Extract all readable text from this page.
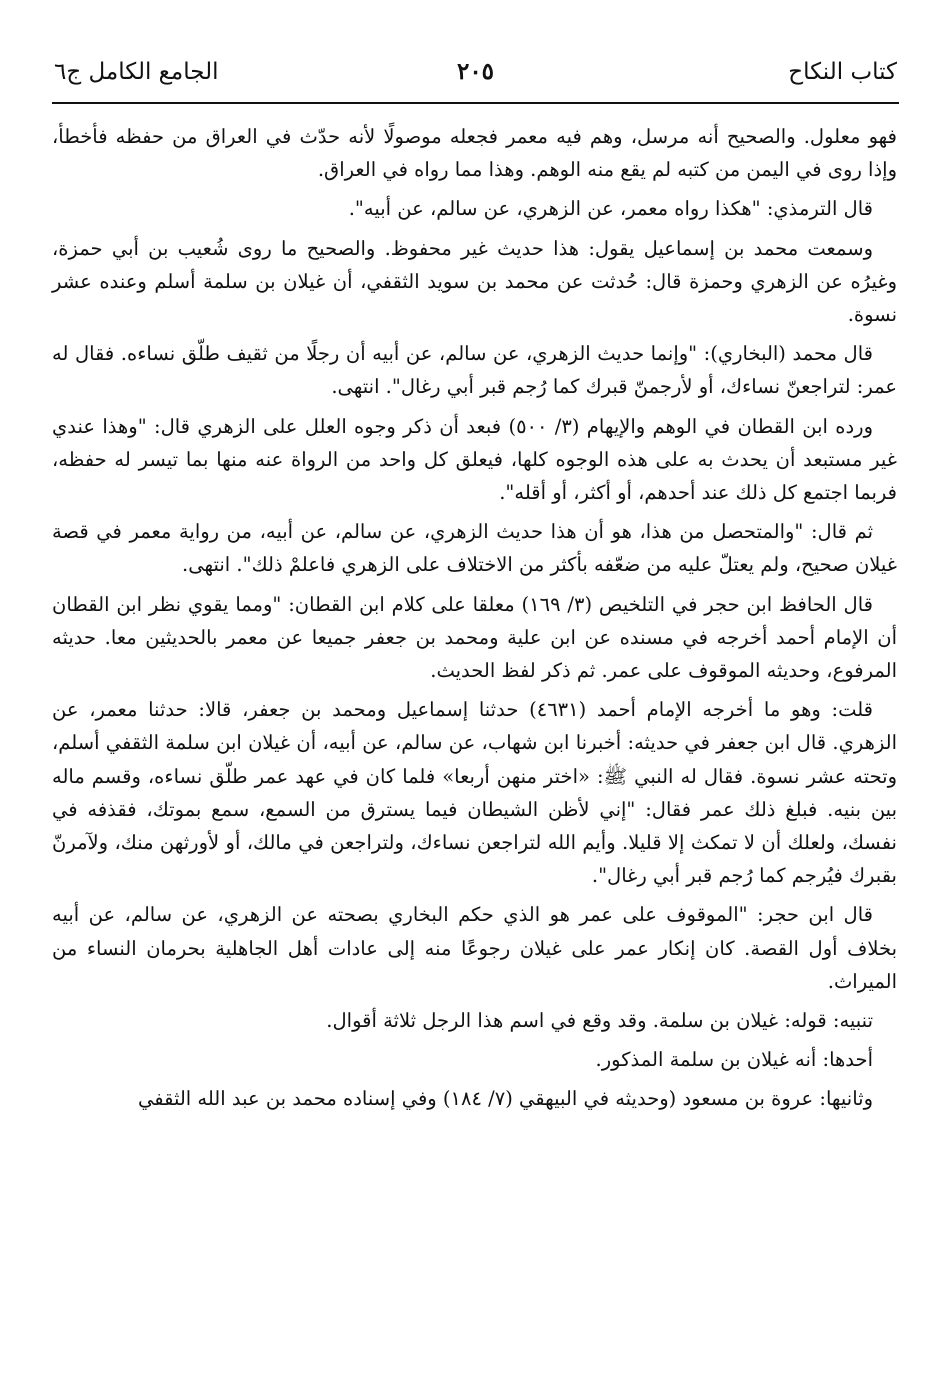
كتاب النكاح
٢٠٥
الجامع الكامل ج٦

فهو معلول. والصحيح أنه مرسل، وهم فيه معمر فجعله موصولًا لأنه حدّث في العراق من حفظه فأخطأ، وإذا روى في اليمن من كتبه لم يقع منه الوهم. وهذا مما رواه في العراق.

قال الترمذي: "هكذا رواه معمر، عن الزهري، عن سالم، عن أبيه".

وسمعت محمد بن إسماعيل يقول: هذا حديث غير محفوظ. والصحيح ما روى شُعيب بن أبي حمزة، وغيرُه عن الزهري وحمزة قال: حُدثت عن محمد بن سويد الثقفي، أن غيلان بن سلمة أسلم وعنده عشر نسوة.

قال محمد (البخاري): "وإنما حديث الزهري، عن سالم، عن أبيه أن رجلًا من ثقيف طلّق نساءه. فقال له عمر: لتراجعنّ نساءك، أو لأرجمنّ قبرك كما رُجم قبر أبي رغال". انتهى.

ورده ابن القطان في الوهم والإيهام (٣/ ٥٠٠) فبعد أن ذكر وجوه العلل على الزهري قال: "وهذا عندي غير مستبعد أن يحدث به على هذه الوجوه كلها، فيعلق كل واحد من الرواة عنه منها بما تيسر له حفظه، فربما اجتمع كل ذلك عند أحدهم، أو أكثر، أو أقله".

ثم قال: "والمتحصل من هذا، هو أن هذا حديث الزهري، عن سالم، عن أبيه، من رواية معمر في قصة غيلان صحيح، ولم يعتلّ عليه من ضعّفه بأكثر من الاختلاف على الزهري فاعلمْ ذلك". انتهى.

قال الحافظ ابن حجر في التلخيص (٣/ ١٦٩) معلقا على كلام ابن القطان: "ومما يقوي نظر ابن القطان أن الإمام أحمد أخرجه في مسنده عن ابن علية ومحمد بن جعفر جميعا عن معمر بالحديثين معا. حديثه المرفوع، وحديثه الموقوف على عمر. ثم ذكر لفظ الحديث.

قلت: وهو ما أخرجه الإمام أحمد (٤٦٣١) حدثنا إسماعيل ومحمد بن جعفر، قالا: حدثنا معمر، عن الزهري. قال ابن جعفر في حديثه: أخبرنا ابن شهاب، عن سالم، عن أبيه، أن غيلان ابن سلمة الثقفي أسلم، وتحته عشر نسوة. فقال له النبي ﷺ: «اختر منهن أربعا» فلما كان في عهد عمر طلّق نساءه، وقسم ماله بين بنيه. فبلغ ذلك عمر فقال: "إني لأظن الشيطان فيما يسترق من السمع، سمع بموتك، فقذفه في نفسك، ولعلك أن لا تمكث إلا قليلا. وأيم الله لتراجعن نساءك، ولتراجعن في مالك، أو لأورثهن منك، ولآمرنّ بقبرك فيُرجم كما رُجم قبر أبي رغال".

قال ابن حجر: "الموقوف على عمر هو الذي حكم البخاري بصحته عن الزهري، عن سالم، عن أبيه بخلاف أول القصة. كان إنكار عمر على غيلان رجوعًا منه إلى عادات أهل الجاهلية بحرمان النساء من الميراث.

تنبيه: قوله: غيلان بن سلمة. وقد وقع في اسم هذا الرجل ثلاثة أقوال.

أحدها: أنه غيلان بن سلمة المذكور.

وثانيها: عروة بن مسعود (وحديثه في البيهقي (٧/ ١٨٤) وفي إسناده محمد بن عبد الله الثقفي
